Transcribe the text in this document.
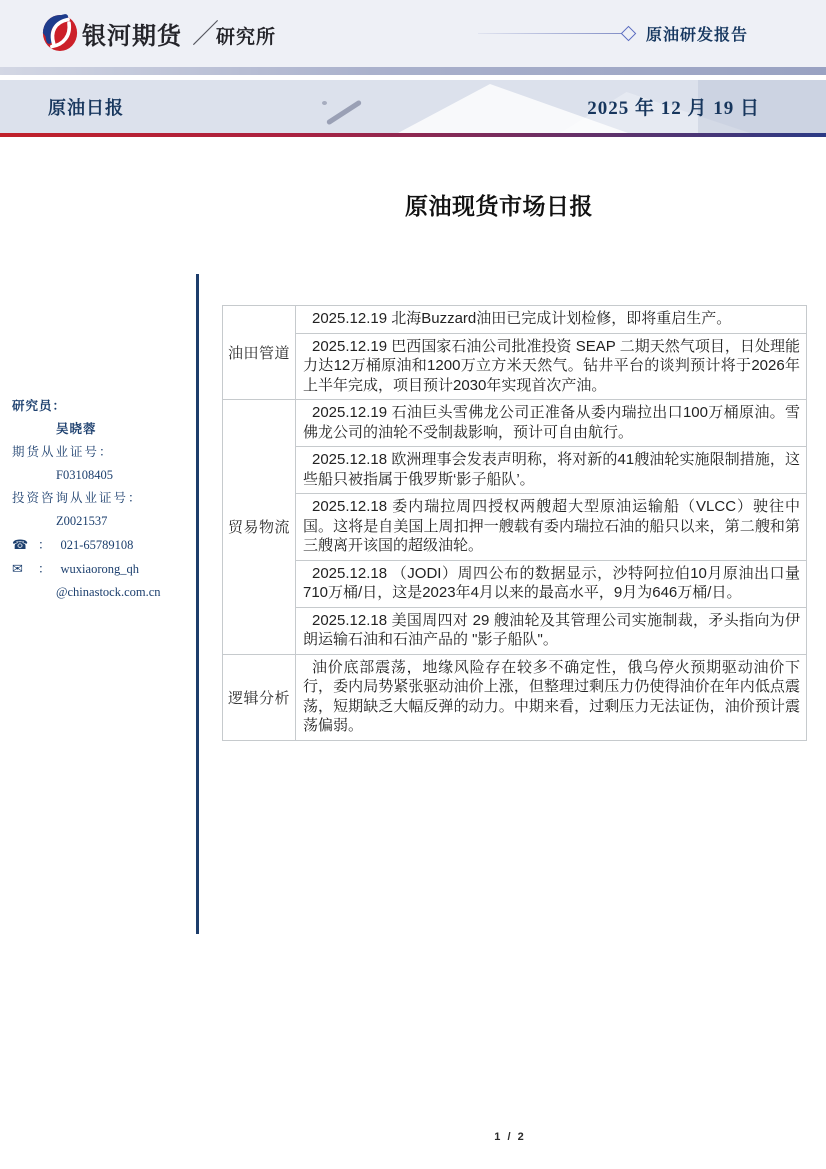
银河期货 ／
研究所	原油研发报告
原油日报	2025 年 12 月 19 日
原油现货市场日报
研究员：
吴晓蓉
期货从业证号：
F03108405
投资咨询从业证号：
Z0021537
☎ ： 021-65789108
✉ ： wuxiaorong_qh
@chinastock.com.cn
油田管道	2025.12.19 北海Buzzard油田已完成计划检修，即将重启生产。
	2025.12.19 巴西国家石油公司批准投资 SEAP 二期天然气项目，日处理能力达12万桶原油和1200万立方米天然气。钻井平台的谈判预计将于2026年上半年完成，项目预计2030年实现首次产油。
贸易物流	2025.12.19 石油巨头雪佛龙公司正准备从委内瑞拉出口100万桶原油。雪佛龙公司的油轮不受制裁影响，预计可自由航行。
	2025.12.18 欧洲理事会发表声明称，将对新的41艘油轮实施限制措施，这些船只被指属于俄罗斯‘影子船队’。
	2025.12.18 委内瑞拉周四授权两艘超大型原油运输船（VLCC）驶往中国。这将是自美国上周扣押一艘载有委内瑞拉石油的船只以来，第二艘和第三艘离开该国的超级油轮。
	2025.12.18 （JODI）周四公布的数据显示，沙特阿拉伯10月原油出口量710万桶/日，这是2023年4月以来的最高水平，9月为646万桶/日。
	2025.12.18 美国周四对 29 艘油轮及其管理公司实施制裁，矛头指向为伊朗运输石油和石油产品的 "影子船队"。
逻辑分析	油价底部震荡，地缘风险存在较多不确定性，俄乌停火预期驱动油价下行，委内局势紧张驱动油价上涨，但整理过剩压力仍使得油价在年内低点震荡，短期缺乏大幅反弹的动力。中期来看，过剩压力无法证伪，油价预计震荡偏弱。
1 / 2
